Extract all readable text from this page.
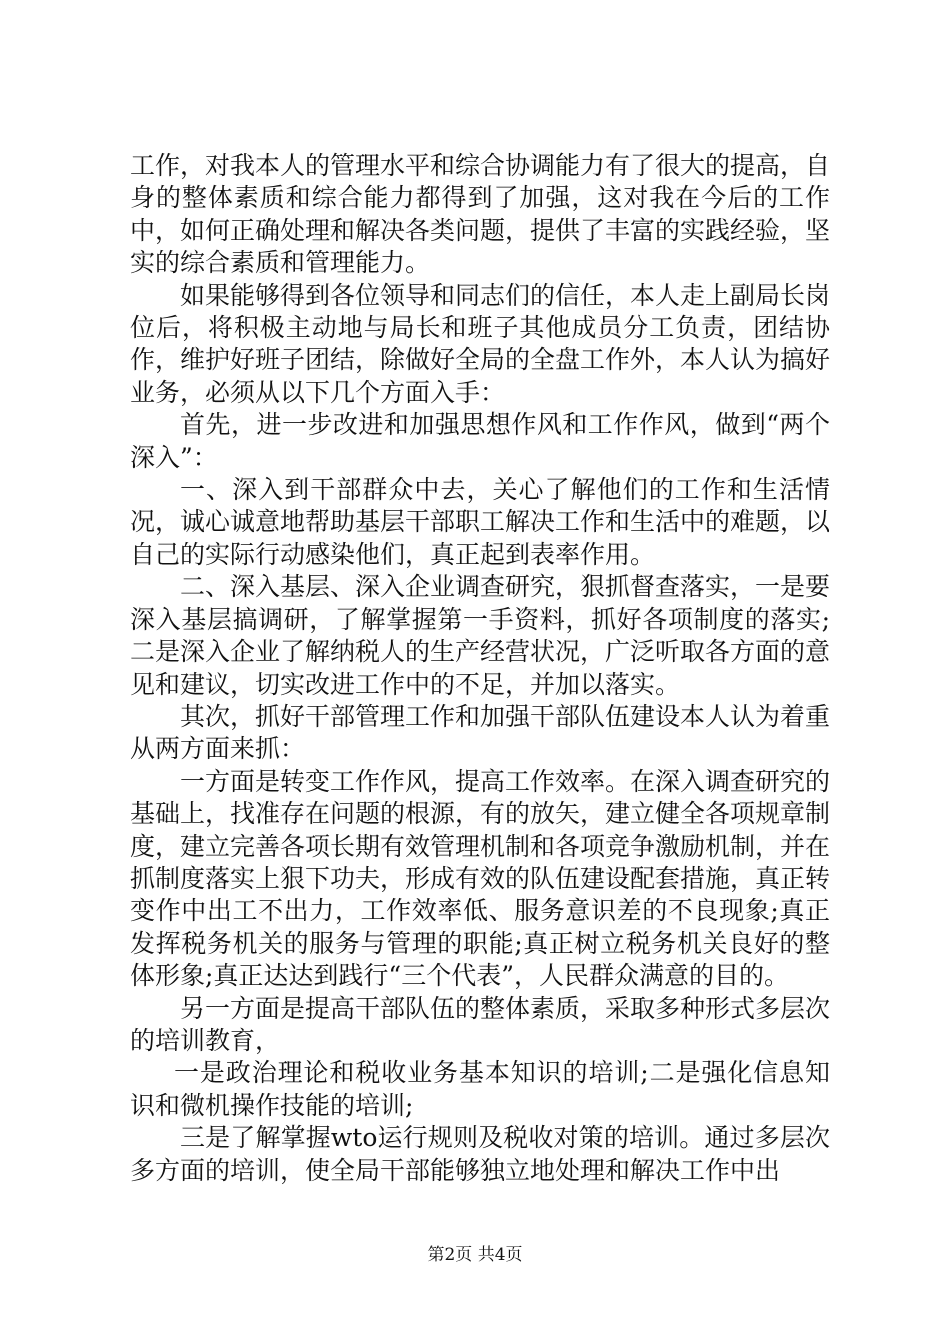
工作，对我本人的管理水平和综合协调能力有了很大的提高，自身的整体素质和综合能力都得到了加强，这对我在今后的工作中，如何正确处理和解决各类问题，提供了丰富的实践经验，坚实的综合素质和管理能力。

如果能够得到各位领导和同志们的信任，本人走上副局长岗位后，将积极主动地与局长和班子其他成员分工负责，团结协作，维护好班子团结，除做好全局的全盘工作外，本人认为搞好业务，必须从以下几个方面入手：

首先，进一步改进和加强思想作风和工作作风，做到“两个深入”：

一、深入到干部群众中去，关心了解他们的工作和生活情况，诚心诚意地帮助基层干部职工解决工作和生活中的难题，以自己的实际行动感染他们，真正起到表率作用。

二、深入基层、深入企业调查研究，狠抓督查落实，一是要深入基层搞调研，了解掌握第一手资料，抓好各项制度的落实;二是深入企业了解纳税人的生产经营状况，广泛听取各方面的意见和建议，切实改进工作中的不足，并加以落实。

其次，抓好干部管理工作和加强干部队伍建设本人认为着重从两方面来抓：

一方面是转变工作作风，提高工作效率。在深入调查研究的基础上，找准存在问题的根源，有的放矢，建立健全各项规章制度，建立完善各项长期有效管理机制和各项竞争激励机制，并在抓制度落实上狠下功夫，形成有效的队伍建设配套措施，真正转变作中出工不出力，工作效率低、服务意识差的不良现象;真正发挥税务机关的服务与管理的职能;真正树立税务机关良好的整体形象;真正达达到践行“三个代表”，人民群众满意的目的。

另一方面是提高干部队伍的整体素质，采取多种形式多层次的培训教育，

一是政治理论和税收业务基本知识的培训;二是强化信息知识和微机操作技能的培训;

三是了解掌握wto运行规则及税收对策的培训。通过多层次多方面的培训，使全局干部能够独立地处理和解决工作中出

第2页 共4页
